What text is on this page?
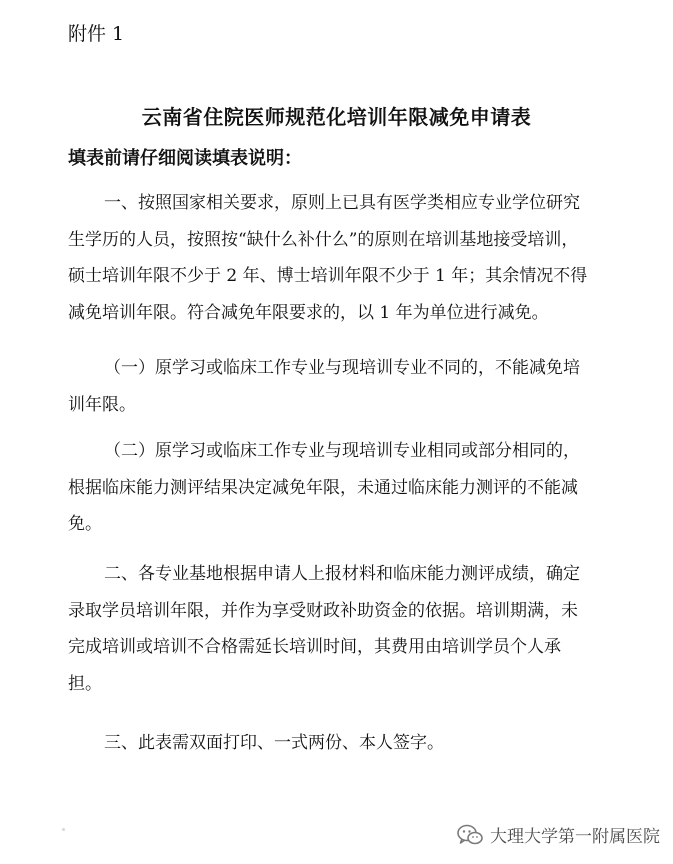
附件 1
云南省住院医师规范化培训年限减免申请表
填表前请仔细阅读填表说明：
一、按照国家相关要求，原则上已具有医学类相应专业学位研究
生学历的人员，按照按“缺什么补什么”的原则在培训基地接受培训，
硕士培训年限不少于 2 年、博士培训年限不少于 1 年；其余情况不得
减免培训年限。符合减免年限要求的，以 1 年为单位进行减免。
（一）原学习或临床工作专业与现培训专业不同的，不能减免培
训年限。
（二）原学习或临床工作专业与现培训专业相同或部分相同的，
根据临床能力测评结果决定减免年限，未通过临床能力测评的不能减
免。
二、各专业基地根据申请人上报材料和临床能力测评成绩，确定
录取学员培训年限，并作为享受财政补助资金的依据。培训期满，未
完成培训或培训不合格需延长培训时间，其费用由培训学员个人承
担。
三、此表需双面打印、一式两份、本人签字。
大理大学第一附属医院
